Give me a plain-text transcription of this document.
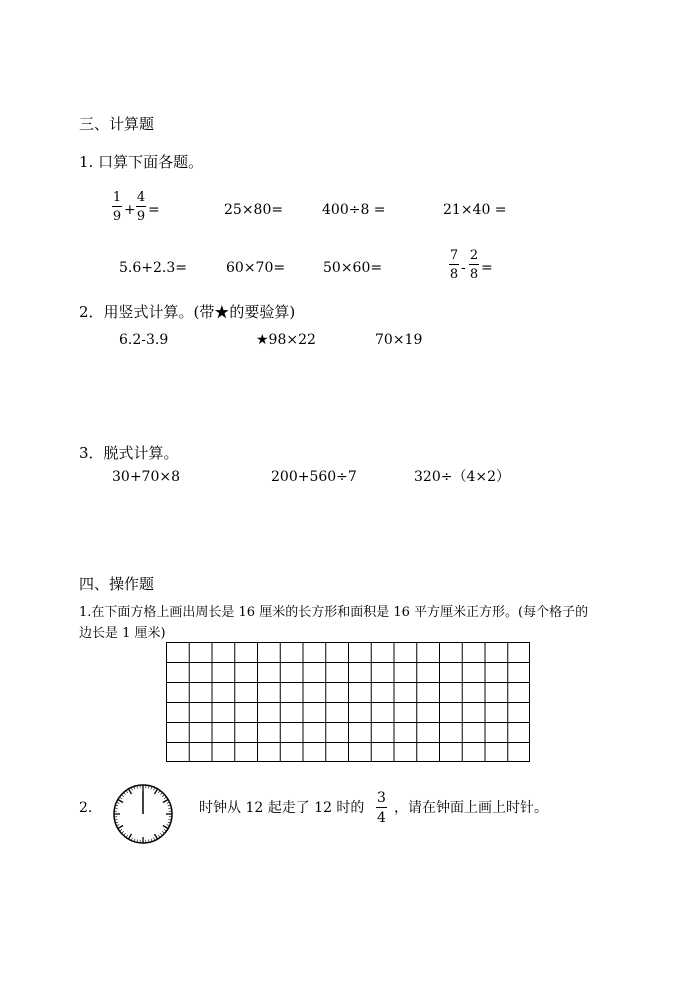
三、计算题
1. 口算下面各题。
1
9 +
4
9 =	25×80=	400÷8 =	21×40 =
5.6+2.3=	60×70=	50×60=
7
8 -
2
8 =
2．用竖式计算。(带★的要验算)
6.2-3.9	★98×22	70×19
3．脱式计算。
30+70×8	200+560÷7	320÷（4×2）
四、操作题
1.在下面方格上画出周长是 16 厘米的长方形和面积是 16 平方厘米正方形。(每个格子的
边长是 1 厘米)
2.	时钟从 12 起走了 12 时的
3
4
，请在钟面上画上时针。
